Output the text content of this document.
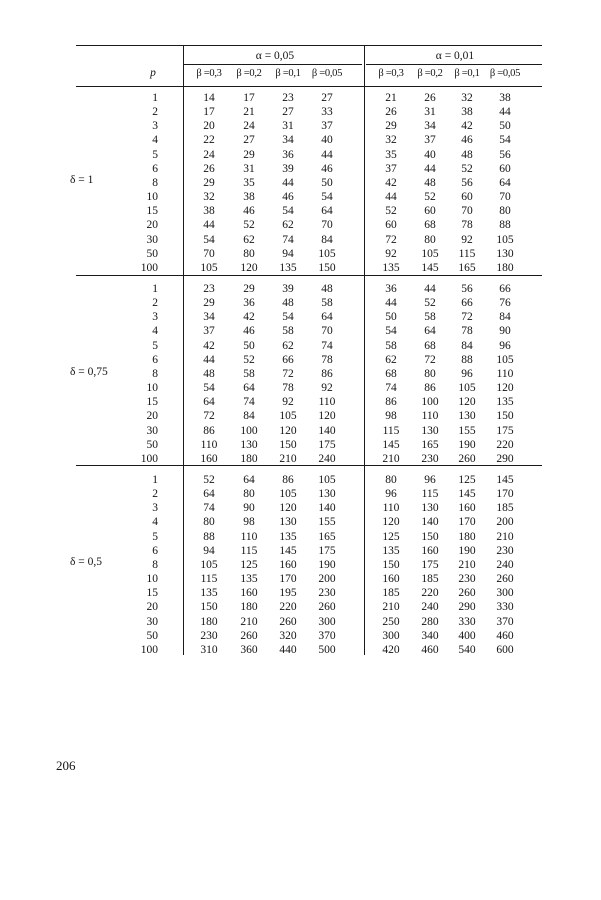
α = 0,05	α = 0,01
p	β =0,3	β =0,2	β =0,1	β =0,05	β =0,3	β =0,2	β =0,1 β =0,05
δ = 1
1	14	17	23	27	21	26	32	38
2	17	21	27	33	26	31	38	44
3	20	24	31	37	29	34	42	50
4	22	27	34	40	32	37	46	54
5	24	29	36	44	35	40	48	56
6	26	31	39	46	37	44	52	60
8	29	35	44	50	42	48	56	64
10	32	38	46	54	44	52	60	70
15	38	46	54	64	52	60	70	80
20	44	52	62	70	60	68	78	88
30	54	62	74	84	72	80	92	105
50	70	80	94	105	92	105	115	130
100	105	120	135	150	135	145	165	180
δ = 0,75
1	23	29	39	48	36	44	56	66
2	29	36	48	58	44	52	66	76
3	34	42	54	64	50	58	72	84
4	37	46	58	70	54	64	78	90
5	42	50	62	74	58	68	84	96
6	44	52	66	78	62	72	88	105
8	48	58	72	86	68	80	96	110
10	54	64	78	92	74	86	105	120
15	64	74	92	110	86	100	120	135
20	72	84	105	120	98	110	130	150
30	86	100	120	140	115	130	155	175
50	110	130	150	175	145	165	190	220
100	160	180	210	240	210	230	260	290
δ = 0,5
1	52	64	86	105	80	96	125	145
2	64	80	105	130	96	115	145	170
3	74	90	120	140	110	130	160	185
4	80	98	130	155	120	140	170	200
5	88	110	135	165	125	150	180	210
6	94	115	145	175	135	160	190	230
8	105	125	160	190	150	175	210	240
10	115	135	170	200	160	185	230	260
15	135	160	195	230	185	220	260	300
20	150	180	220	260	210	240	290	330
30	180	210	260	300	250	280	330	370
50	230	260	320	370	300	340	400	460
100	310	360	440	500	420	460	540	600
206
